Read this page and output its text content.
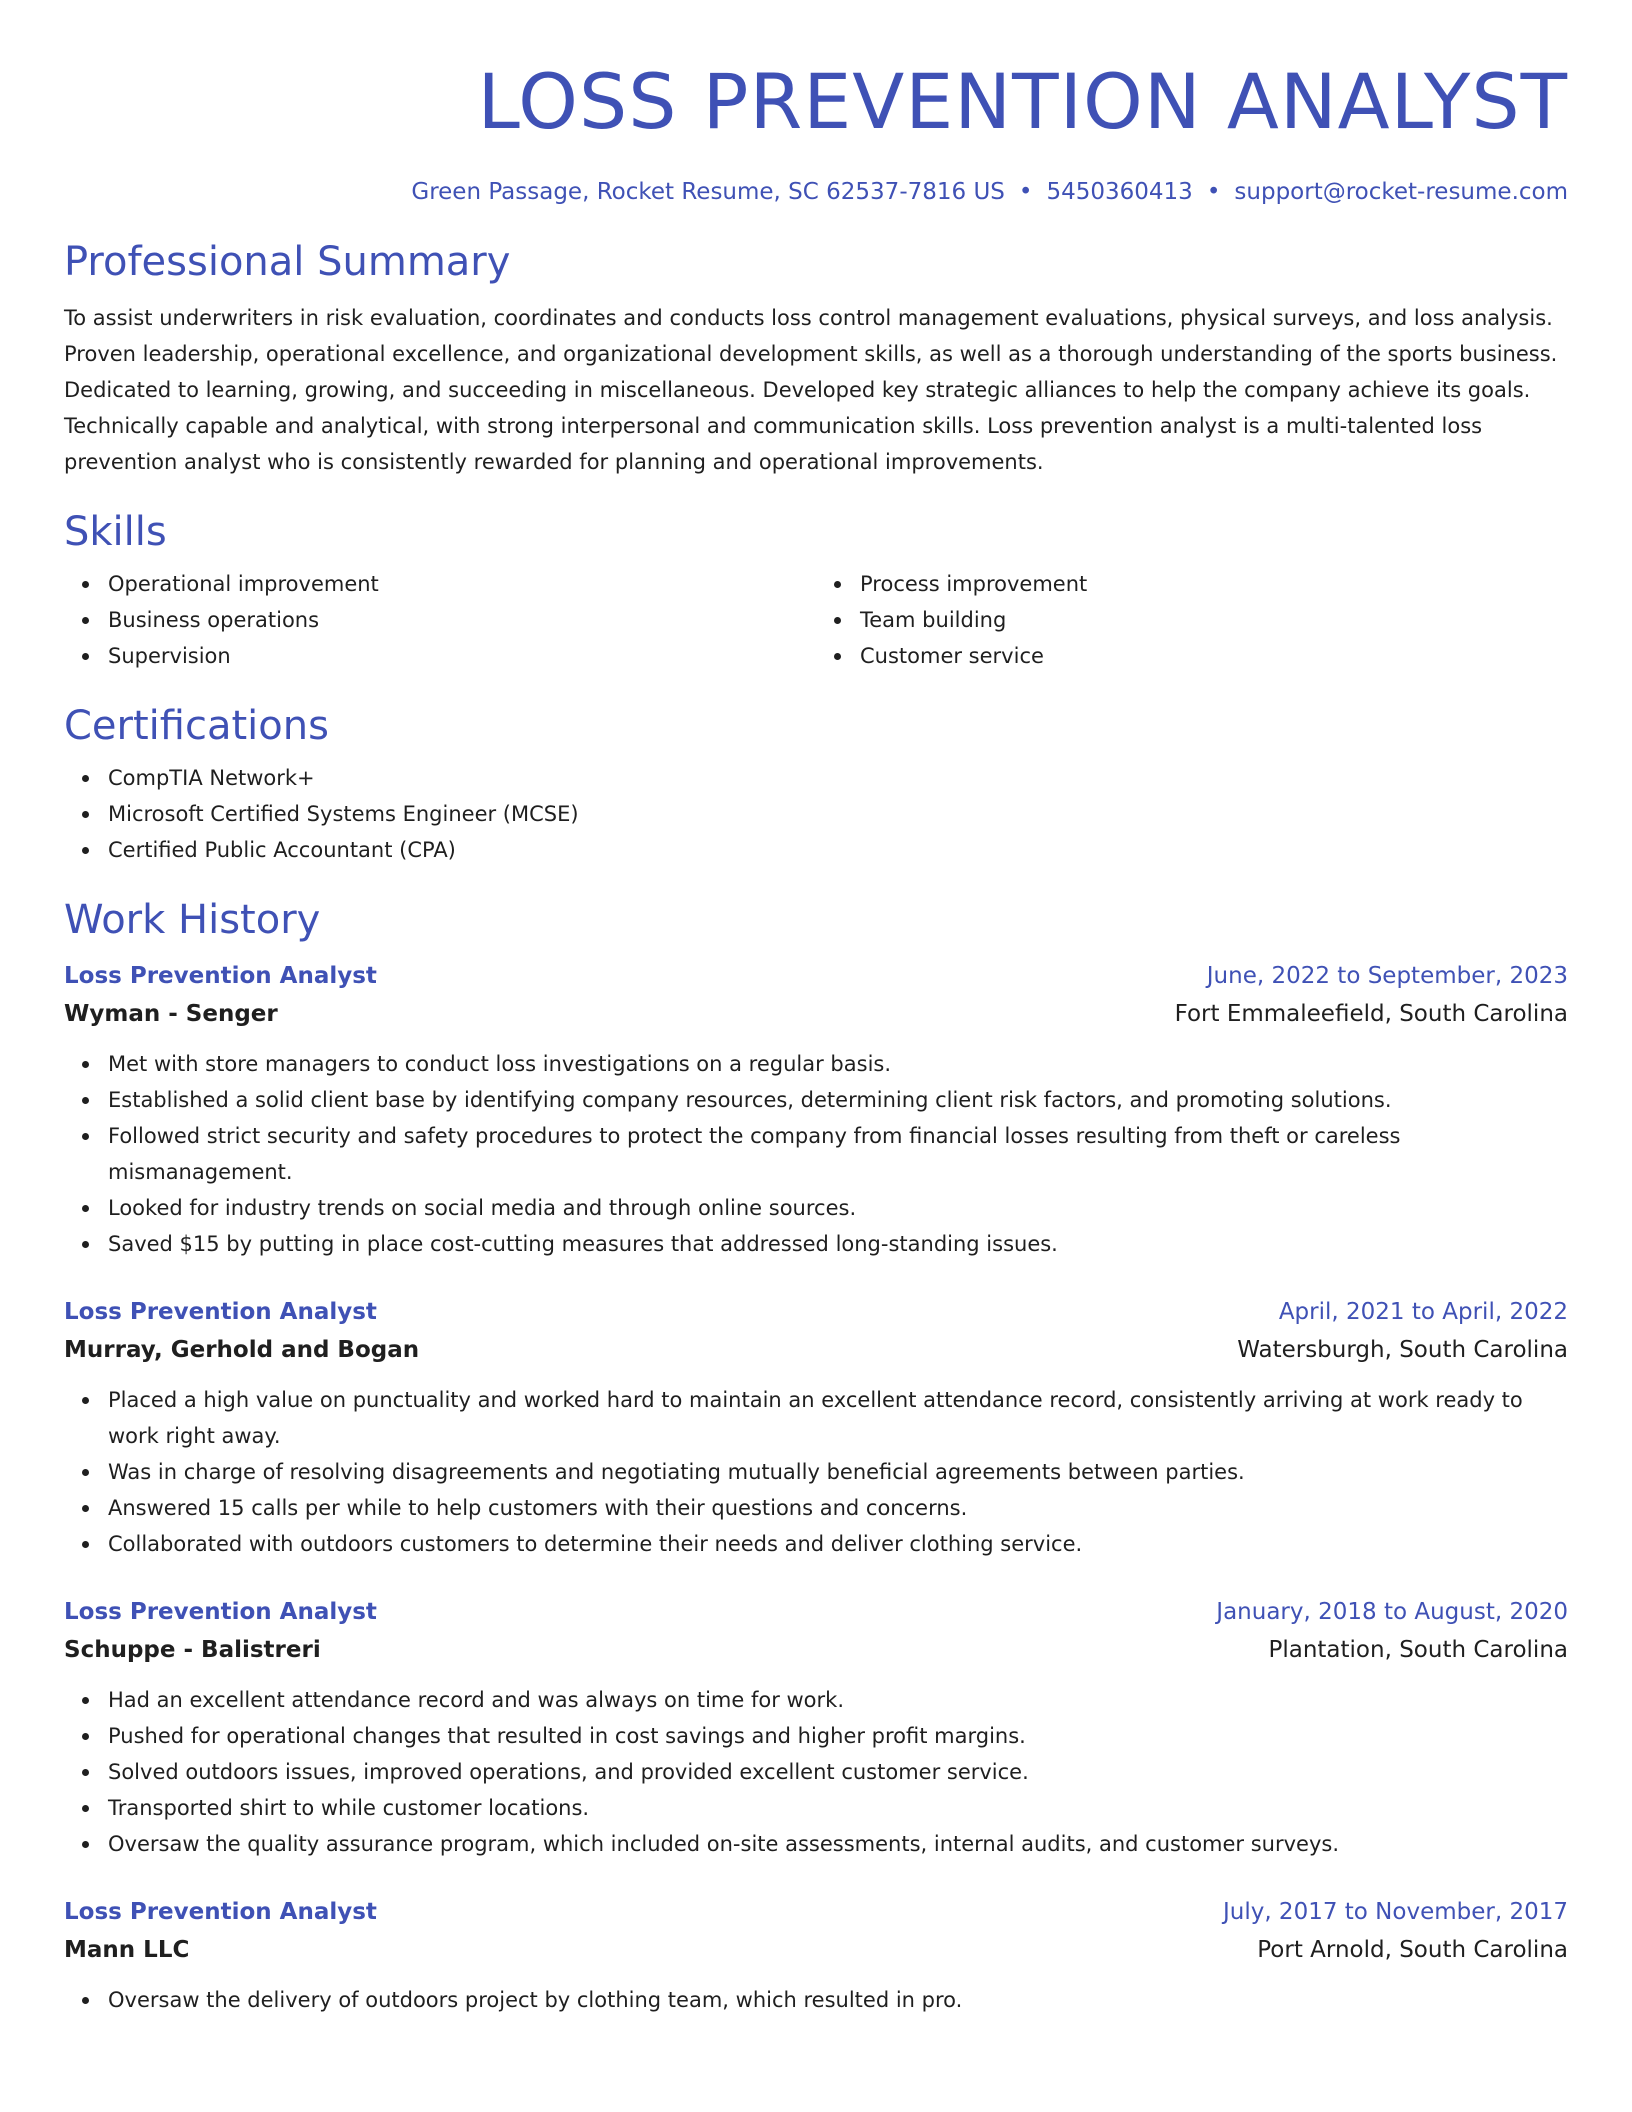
LOSS PREVENTION ANALYST
Green Passage, Rocket Resume, SC 62537-7816 US • 5450360413 • support@rocket-resume.com
Professional Summary

To assist underwriters in risk evaluation, coordinates and conducts loss control management evaluations, physical surveys, and loss analysis. Proven leadership, operational excellence, and organizational development skills, as well as a thorough understanding of the sports business. Dedicated to learning, growing, and succeeding in miscellaneous. Developed key strategic alliances to help the company achieve its goals. Technically capable and analytical, with strong interpersonal and communication skills. Loss prevention analyst is a multi-talented loss prevention analyst who is consistently rewarded for planning and operational improvements.

Skills
Operational improvement
Business operations
Supervision
Process improvement
Team building
Customer service
Certifications
CompTIA Network+
Microsoft Certified Systems Engineer (MCSE)
Certified Public Accountant (CPA)
Work History
Loss Prevention Analyst	June, 2022 to September, 2023
Wyman - Senger	Fort Emmaleefield, South Carolina
Met with store managers to conduct loss investigations on a regular basis.
Established a solid client base by identifying company resources, determining client risk factors, and promoting solutions.
Followed strict security and safety procedures to protect the company from financial losses resulting from theft or careless mismanagement.
Looked for industry trends on social media and through online sources.
Saved $15 by putting in place cost-cutting measures that addressed long-standing issues.
Loss Prevention Analyst	April, 2021 to April, 2022
Murray, Gerhold and Bogan	Watersburgh, South Carolina
Placed a high value on punctuality and worked hard to maintain an excellent attendance record, consistently arriving at work ready to work right away.
Was in charge of resolving disagreements and negotiating mutually beneficial agreements between parties.
Answered 15 calls per while to help customers with their questions and concerns.
Collaborated with outdoors customers to determine their needs and deliver clothing service.
Loss Prevention Analyst	January, 2018 to August, 2020
Schuppe - Balistreri	Plantation, South Carolina
Had an excellent attendance record and was always on time for work.
Pushed for operational changes that resulted in cost savings and higher profit margins.
Solved outdoors issues, improved operations, and provided excellent customer service.
Transported shirt to while customer locations.
Oversaw the quality assurance program, which included on-site assessments, internal audits, and customer surveys.
Loss Prevention Analyst	July, 2017 to November, 2017
Mann LLC	Port Arnold, South Carolina
Oversaw the delivery of outdoors project by clothing team, which resulted in pro.
